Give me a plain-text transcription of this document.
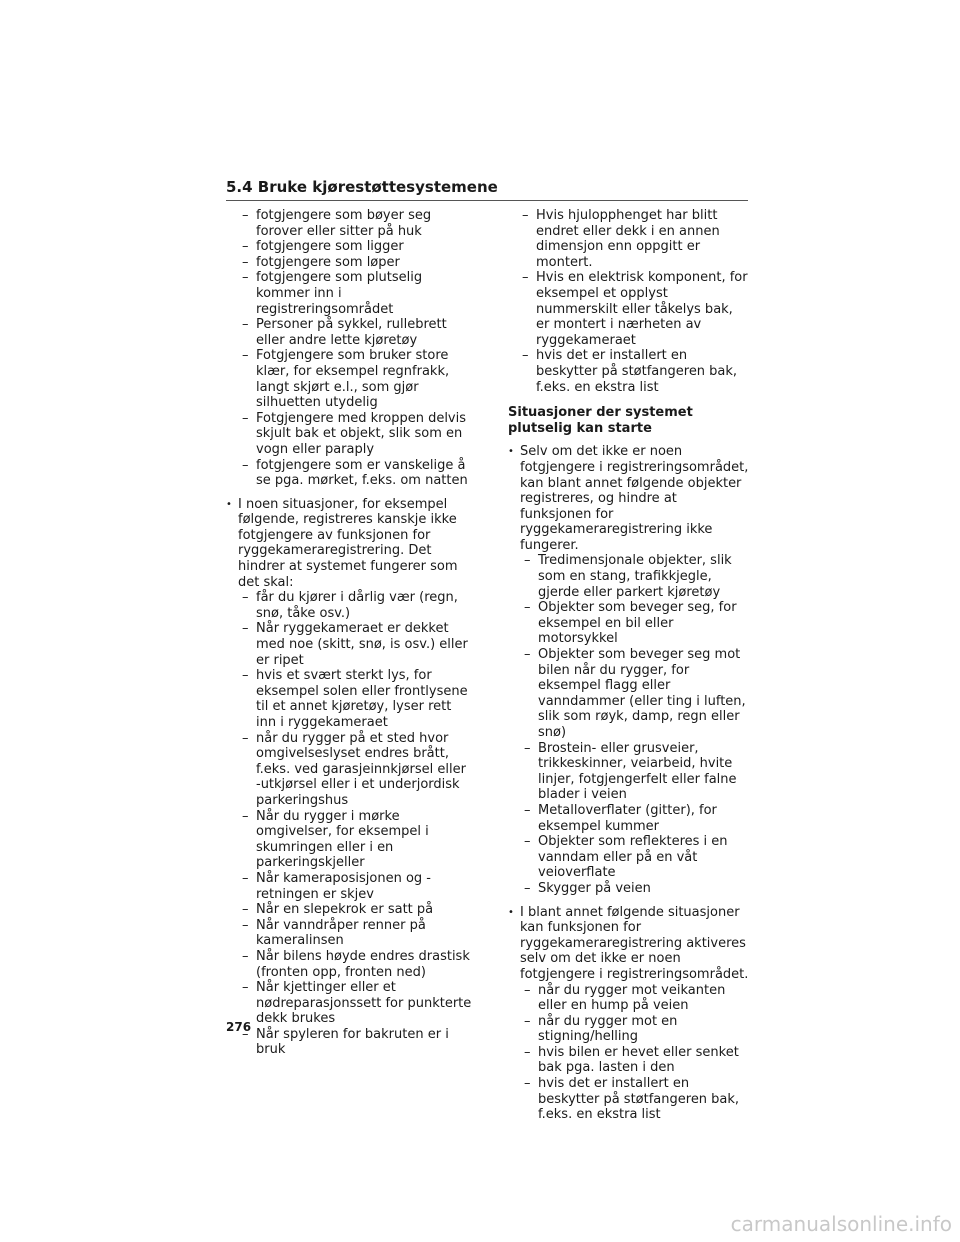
5.4 Bruke kjørestøttesystemene
– fotgjengere som bøyer seg forover eller sitter på huk
– fotgjengere som ligger
– fotgjengere som løper
– fotgjengere som plutselig kommer inn i registreringsområdet
– Personer på sykkel, rullebrett eller andre lette kjøretøy
– Fotgjengere som bruker store klær, for eksempel regnfrakk, langt skjørt e.l., som gjør silhuetten utydelig
– Fotgjengere med kroppen delvis skjult bak et objekt, slik som en vogn eller paraply
– fotgjengere som er vanskelige å se pga. mørket, f.eks. om natten
• I noen situasjoner, for eksempel følgende, registreres kanskje ikke fotgjengere av funksjonen for ryggekameraregistrering. Det hindrer at systemet fungerer som det skal:
– får du kjører i dårlig vær (regn, snø, tåke osv.)
– Når ryggekameraet er dekket med noe (skitt, snø, is osv.) eller er ripet
– hvis et svært sterkt lys, for eksempel solen eller frontlysene til et annet kjøretøy, lyser rett inn i ryggekameraet
– når du rygger på et sted hvor omgivelseslyset endres brått, f.eks. ved garasjeinnkjørsel eller -utkjørsel eller i et underjordisk parkeringshus
– Når du rygger i mørke omgivelser, for eksempel i skumringen eller i en parkeringskjeller
– Når kameraposisjonen og -retningen er skjev
– Når en slepekrok er satt på
– Når vanndråper renner på kameralinsen
– Når bilens høyde endres drastisk (fronten opp, fronten ned)
– Når kjettinger eller et nødreparasjonssett for punkterte dekk brukes
– Når spyleren for bakruten er i bruk
– Hvis hjulopphenget har blitt endret eller dekk i en annen dimensjon enn oppgitt er montert.
– Hvis en elektrisk komponent, for eksempel et opplyst nummerskilt eller tåkelys bak, er montert i nærheten av ryggekameraet
– hvis det er installert en beskytter på støtfangeren bak, f.eks. en ekstra list
Situasjoner der systemet plutselig kan starte
• Selv om det ikke er noen fotgjengere i registreringsområdet, kan blant annet følgende objekter registreres, og hindre at funksjonen for ryggekameraregistrering ikke fungerer.
– Tredimensjonale objekter, slik som en stang, trafikkjegle, gjerde eller parkert kjøretøy
– Objekter som beveger seg, for eksempel en bil eller motorsykkel
– Objekter som beveger seg mot bilen når du rygger, for eksempel flagg eller vanndammer (eller ting i luften, slik som røyk, damp, regn eller snø)
– Brostein- eller grusveier, trikkeskinner, veiarbeid, hvite linjer, fotgjengerfelt eller falne blader i veien
– Metalloverflater (gitter), for eksempel kummer
– Objekter som reflekteres i en vanndam eller på en våt veioverflate
– Skygger på veien
• I blant annet følgende situasjoner kan funksjonen for ryggekameraregistrering aktiveres selv om det ikke er noen fotgjengere i registreringsområdet.
– når du rygger mot veikanten eller en hump på veien
– når du rygger mot en stigning/helling
– hvis bilen er hevet eller senket bak pga. lasten i den
– hvis det er installert en beskytter på støtfangeren bak, f.eks. en ekstra list
276
carmanualsonline.info
